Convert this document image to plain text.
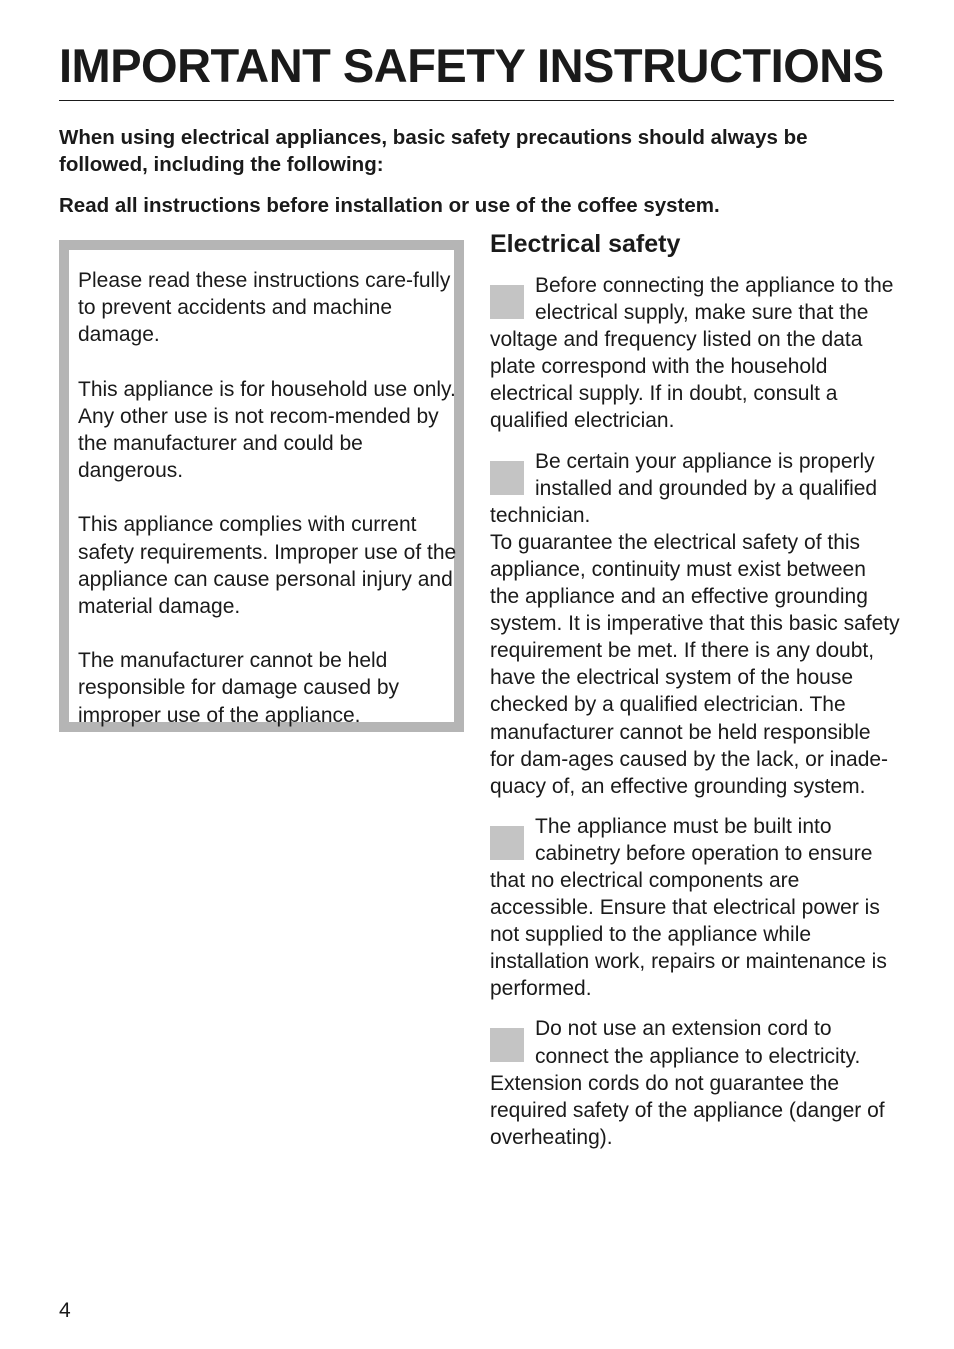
IMPORTANT SAFETY INSTRUCTIONS

When using electrical appliances, basic safety precautions should always be followed, including the following:

Read all instructions before installation or use of the coffee system.

Please read these instructions care-fully to prevent accidents and machine damage.

This appliance is for household use only. Any other use is not recom-mended by the manufacturer and could be dangerous.

This appliance complies with current safety requirements. Improper use of the appliance can cause personal injury and material damage.

The manufacturer cannot be held responsible for damage caused by improper use of the appliance.

Electrical safety
Before connecting the appliance to the electrical supply, make sure that the voltage and frequency listed on the data plate correspond with the household electrical supply. If in doubt, consult a qualified electrician.
Be certain your appliance is properly installed and grounded by a qualified technician.
To guarantee the electrical safety of this appliance, continuity must exist between the appliance and an effective grounding system. It is imperative that this basic safety requirement be met. If there is any doubt, have the electrical system of the house checked by a qualified electrician. The manufacturer cannot be held responsible for dam-ages caused by the lack, or inade-quacy of, an effective grounding system.
The appliance must be built into cabinetry before operation to ensure that no electrical components are accessible. Ensure that electrical power is not supplied to the appliance while installation work, repairs or maintenance is performed.
Do not use an extension cord to connect the appliance to electricity. Extension cords do not guarantee the required safety of the appliance (danger of overheating).
4
